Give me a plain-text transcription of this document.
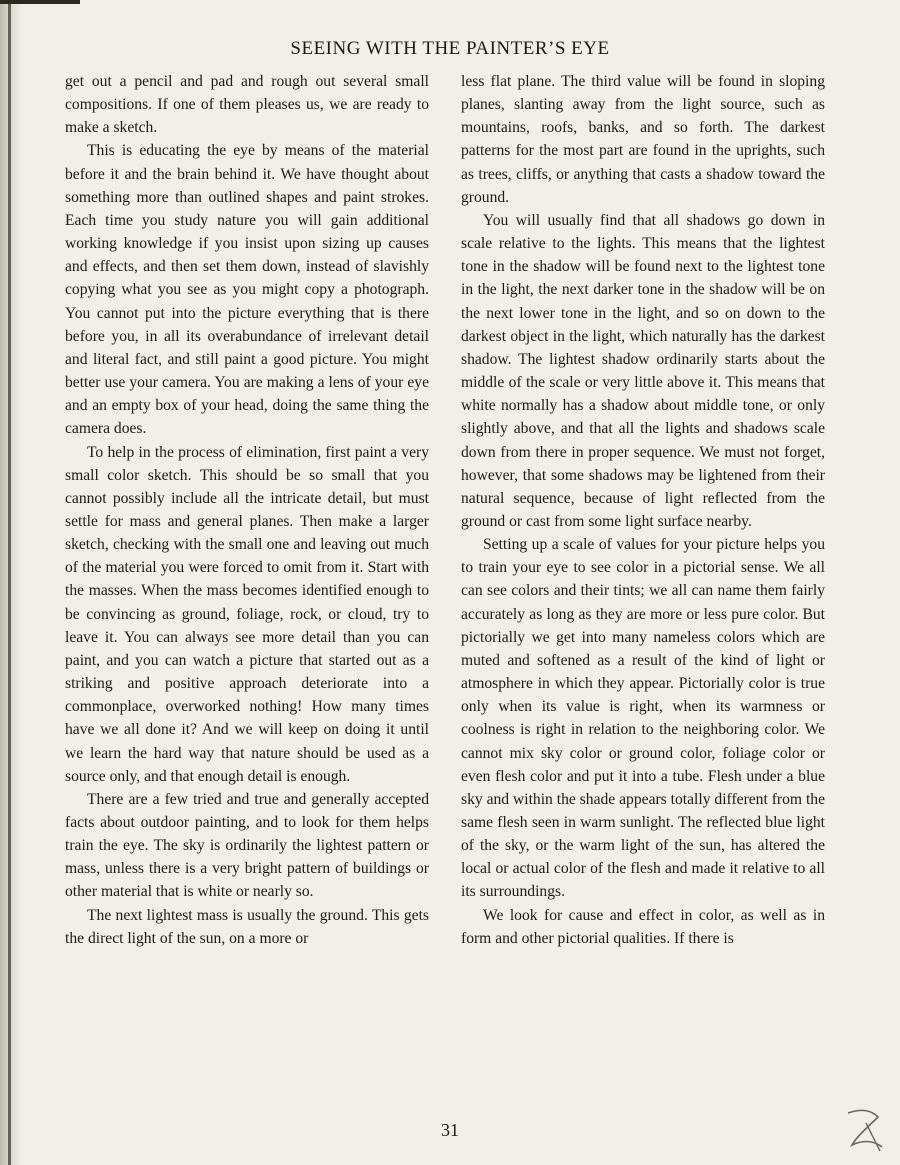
SEEING WITH THE PAINTER’S EYE

get out a pencil and pad and rough out several small compositions. If one of them pleases us, we are ready to make a sketch.

This is educating the eye by means of the material before it and the brain behind it. We have thought about something more than outlined shapes and paint strokes. Each time you study nature you will gain additional working knowledge if you insist upon sizing up causes and effects, and then set them down, instead of slavishly copying what you see as you might copy a photograph. You cannot put into the picture everything that is there before you, in all its overabundance of irrelevant detail and literal fact, and still paint a good picture. You might better use your camera. You are making a lens of your eye and an empty box of your head, doing the same thing the camera does.

To help in the process of elimination, first paint a very small color sketch. This should be so small that you cannot possibly include all the intricate detail, but must settle for mass and general planes. Then make a larger sketch, checking with the small one and leaving out much of the material you were forced to omit from it. Start with the masses. When the mass becomes identified enough to be convincing as ground, foliage, rock, or cloud, try to leave it. You can always see more detail than you can paint, and you can watch a picture that started out as a striking and positive approach deteriorate into a commonplace, overworked nothing! How many times have we all done it? And we will keep on doing it until we learn the hard way that nature should be used as a source only, and that enough detail is enough.

There are a few tried and true and generally accepted facts about outdoor painting, and to look for them helps train the eye. The sky is ordinarily the lightest pattern or mass, unless there is a very bright pattern of buildings or other material that is white or nearly so.

The next lightest mass is usually the ground. This gets the direct light of the sun, on a more or

less flat plane. The third value will be found in sloping planes, slanting away from the light source, such as mountains, roofs, banks, and so forth. The darkest patterns for the most part are found in the uprights, such as trees, cliffs, or anything that casts a shadow toward the ground.

You will usually find that all shadows go down in scale relative to the lights. This means that the lightest tone in the shadow will be found next to the lightest tone in the light, the next darker tone in the shadow will be on the next lower tone in the light, and so on down to the darkest object in the light, which naturally has the darkest shadow. The lightest shadow ordinarily starts about the middle of the scale or very little above it. This means that white normally has a shadow about middle tone, or only slightly above, and that all the lights and shadows scale down from there in proper sequence. We must not forget, however, that some shadows may be lightened from their natural sequence, because of light reflected from the ground or cast from some light surface nearby.

Setting up a scale of values for your picture helps you to train your eye to see color in a pictorial sense. We all can see colors and their tints; we all can name them fairly accurately as long as they are more or less pure color. But pictorially we get into many nameless colors which are muted and softened as a result of the kind of light or atmosphere in which they appear. Pictorially color is true only when its value is right, when its warmness or coolness is right in relation to the neighboring color. We cannot mix sky color or ground color, foliage color or even flesh color and put it into a tube. Flesh under a blue sky and within the shade appears totally different from the same flesh seen in warm sunlight. The reflected blue light of the sky, or the warm light of the sun, has altered the local or actual color of the flesh and made it relative to all its surroundings.

We look for cause and effect in color, as well as in form and other pictorial qualities. If there is

31
